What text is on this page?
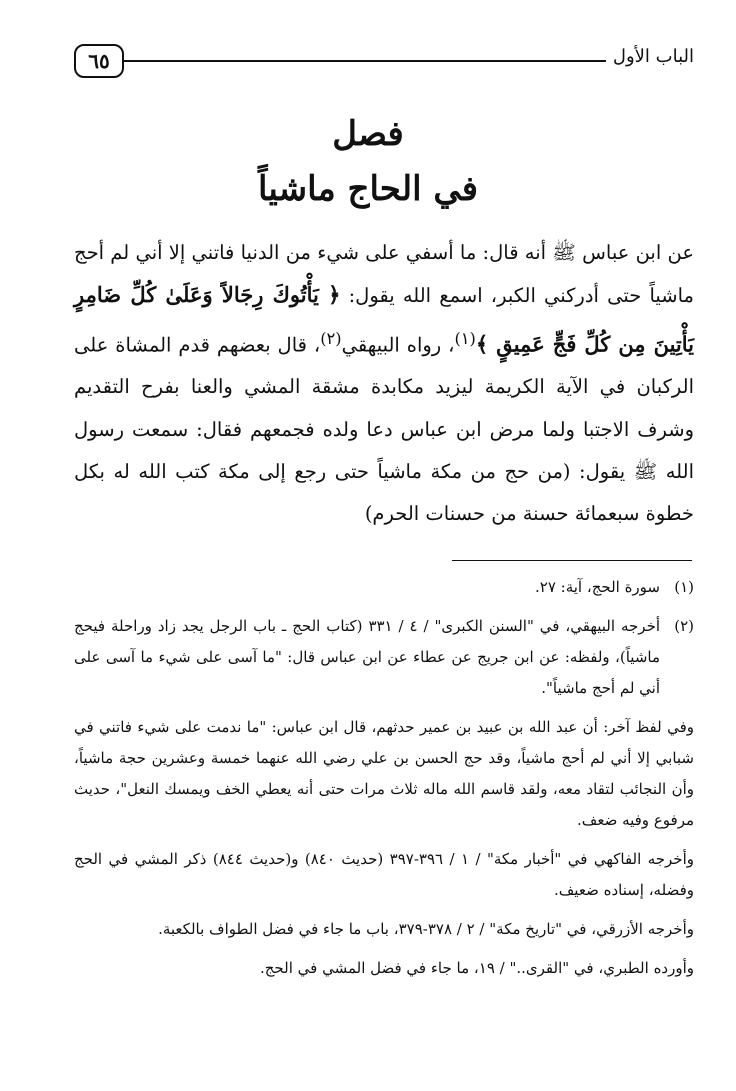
٦٥	الباب الأول
فصل
في الحاج ماشياً

عن ابن عباس ﷺ أنه قال: ما أسفي على شيء من الدنيا فاتني إلا أني لم أحج ماشياً حتى أدركني الكبر، اسمع الله يقول: ﴿ يَأْتُوكَ رِجَالاً وَعَلَىٰ كُلِّ ضَامِرٍ يَأْتِينَ مِن كُلِّ فَجٍّ عَمِيقٍ ﴾$^{(١)}$، رواه البيهقي$^{(٢)}$، قال بعضهم قدم المشاة على الركبان في الآية الكريمة ليزيد مكابدة مشقة المشي والعنا بفرح التقديم وشرف الاجتبا ولما مرض ابن عباس دعا ولده فجمعهم فقال: سمعت رسول الله ﷺ يقول: (من حج من مكة ماشياً حتى رجع إلى مكة كتب الله له بكل خطوة سبعمائة حسنة من حسنات الحرم)

(١)
سورة الحج، آية: ٢٧.
(٢)
أخرجه البيهقي، في "السنن الكبرى" / ٤ / ٣٣١ (كتاب الحج ـ باب الرجل يجد زاد وراحلة فيحج ماشياً)، ولفظه: عن ابن جريج عن عطاء عن ابن عباس قال: "ما آسى على شيء ما آسى على أني لم أحج ماشياً".
وفي لفظ آخر: أن عبد الله بن عبيد بن عمير حدثهم، قال ابن عباس: "ما ندمت على شيء فاتني في شبابي إلا أني لم أحج ماشياً، وقد حج الحسن بن علي رضي الله عنهما خمسة وعشرين حجة ماشياً، وأن النجائب لتقاد معه، ولقد قاسم الله ماله ثلاث مرات حتى أنه يعطي الخف ويمسك النعل"، حديث مرفوع وفيه ضعف.
وأخرجه الفاكهي في "أخبار مكة" / ١ / ٣٩٦-٣٩٧ (حديث ٨٤٠) و(حديث ٨٤٤) ذكر المشي في الحج وفضله، إسناده ضعيف.
وأخرجه الأزرقي، في "تاريخ مكة" / ٢ / ٣٧٨-٣٧٩، باب ما جاء في فضل الطواف بالكعبة.
وأورده الطبري، في "القرى.." / ١٩، ما جاء في فضل المشي في الحج.
